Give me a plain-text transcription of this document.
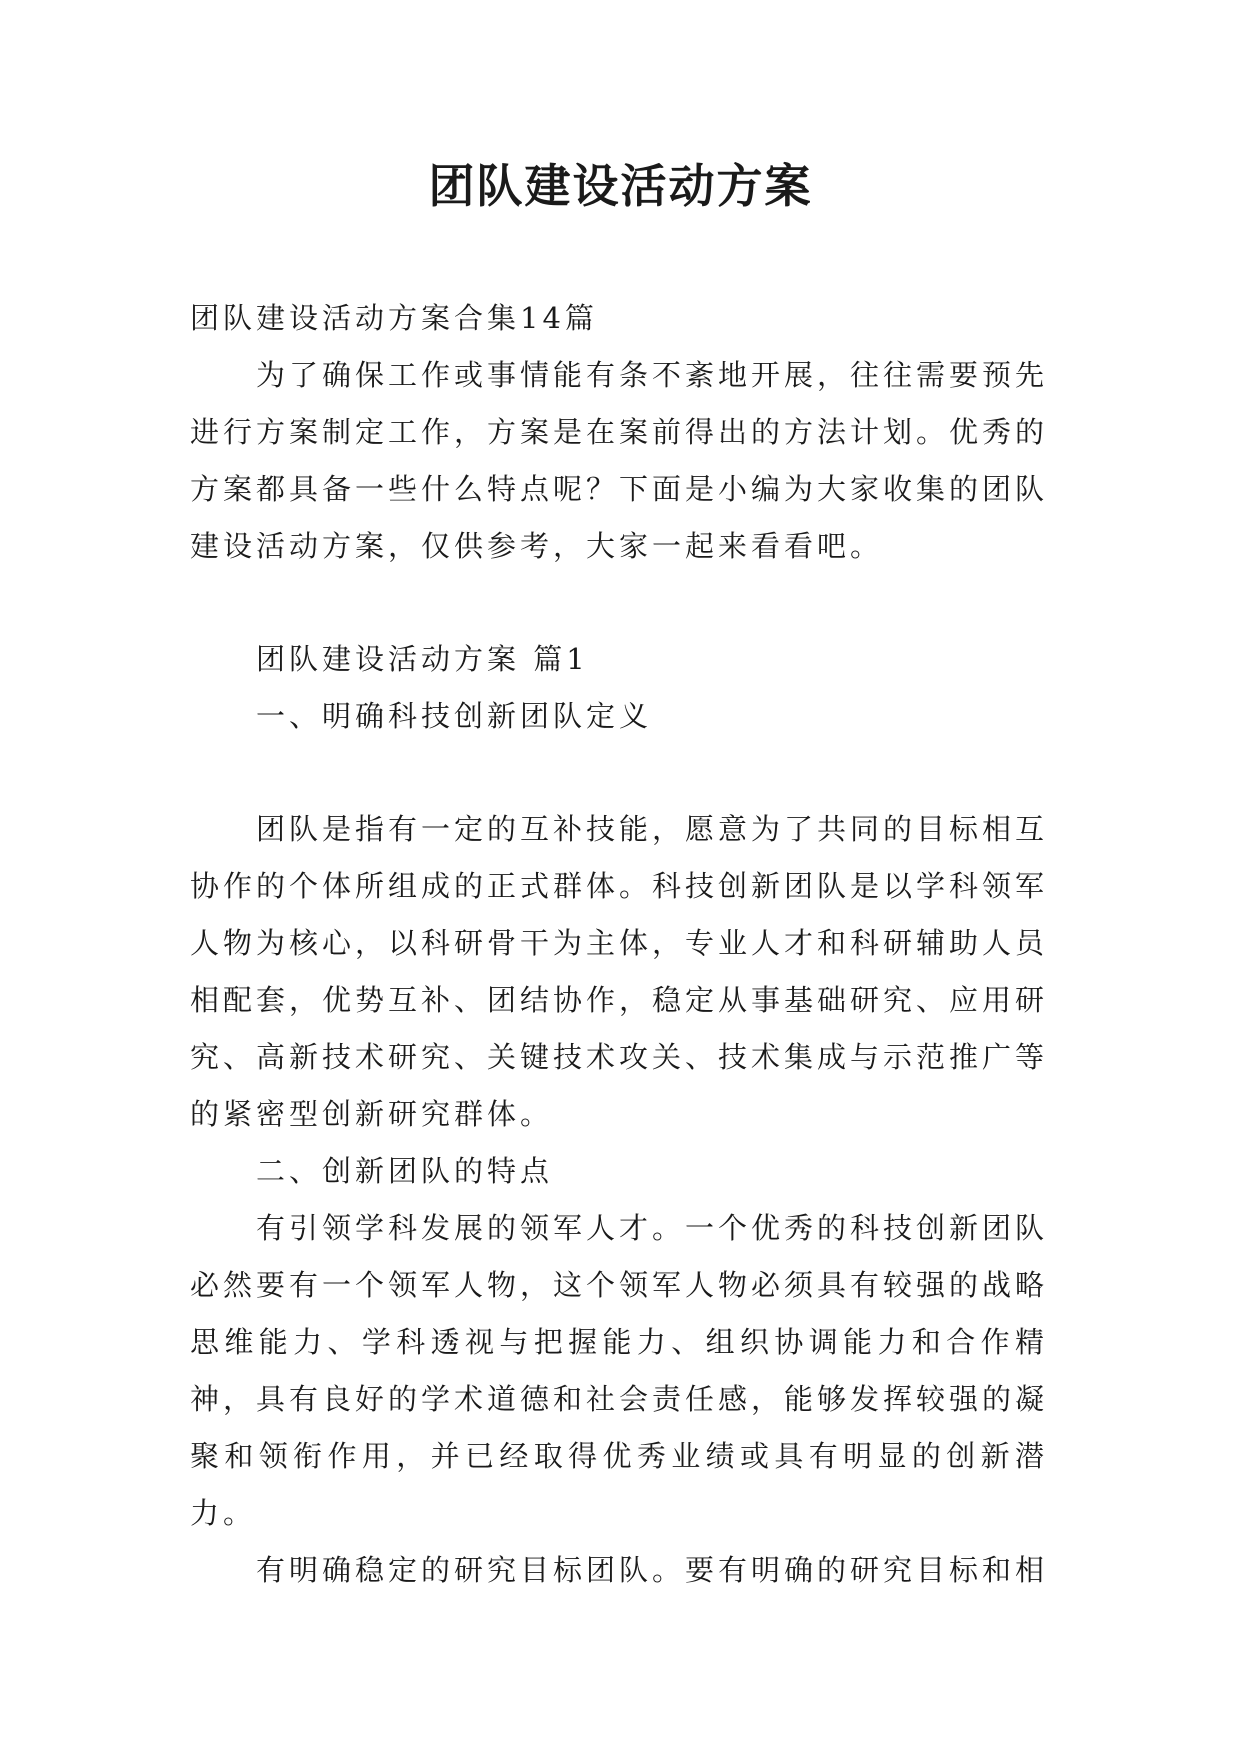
团队建设活动方案

团队建设活动方案合集14篇

为了确保工作或事情能有条不紊地开展，往往需要预先进行方案制定工作，方案是在案前得出的方法计划。优秀的方案都具备一些什么特点呢？下面是小编为大家收集的团队建设活动方案，仅供参考，大家一起来看看吧。

团队建设活动方案 篇1

一、明确科技创新团队定义

团队是指有一定的互补技能，愿意为了共同的目标相互协作的个体所组成的正式群体。科技创新团队是以学科领军人物为核心，以科研骨干为主体，专业人才和科研辅助人员相配套，优势互补、团结协作，稳定从事基础研究、应用研究、高新技术研究、关键技术攻关、技术集成与示范推广等的紧密型创新研究群体。

二、创新团队的特点

有引领学科发展的领军人才。一个优秀的科技创新团队必然要有一个领军人物，这个领军人物必须具有较强的战略思维能力、学科透视与把握能力、组织协调能力和合作精神，具有良好的学术道德和社会责任感，能够发挥较强的凝聚和领衔作用，并已经取得优秀业绩或具有明显的创新潜力。

有明确稳定的研究目标团队。要有明确的研究目标和相
